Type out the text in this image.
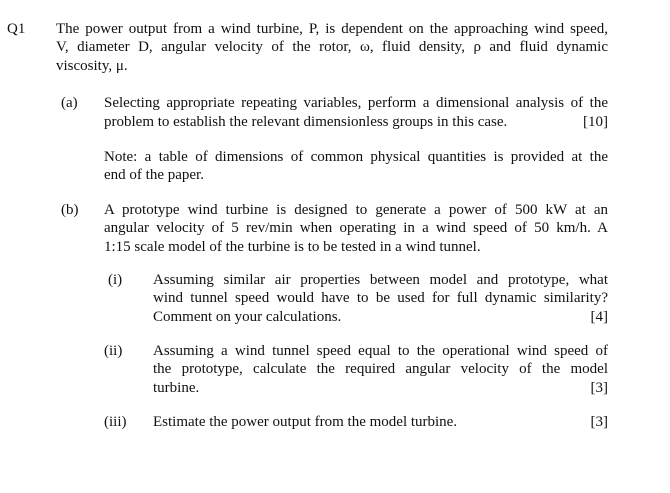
Q1 The power output from a wind turbine, P, is dependent on the approaching wind speed,
V, diameter D, angular velocity of the rotor, ω, fluid density, ρ and fluid dynamic
viscosity, μ.
(a) Selecting appropriate repeating variables, perform a dimensional analysis of the
problem to establish the relevant dimensionless groups in this case.	[10]
Note: a table of dimensions of common physical quantities is provided at the
end of the paper.
(b) A prototype wind turbine is designed to generate a power of 500 kW at an
angular velocity of 5 rev/min when operating in a wind speed of 50 km/h. A
1:15 scale model of the turbine is to be tested in a wind tunnel.
(i) Assuming similar air properties between model and prototype, what
wind tunnel speed would have to be used for full dynamic similarity?
Comment on your calculations.	[4]
(ii) Assuming a wind tunnel speed equal to the operational wind speed of
the prototype, calculate the required angular velocity of the model
turbine.	[3]
(iii) Estimate the power output from the model turbine.	[3]
